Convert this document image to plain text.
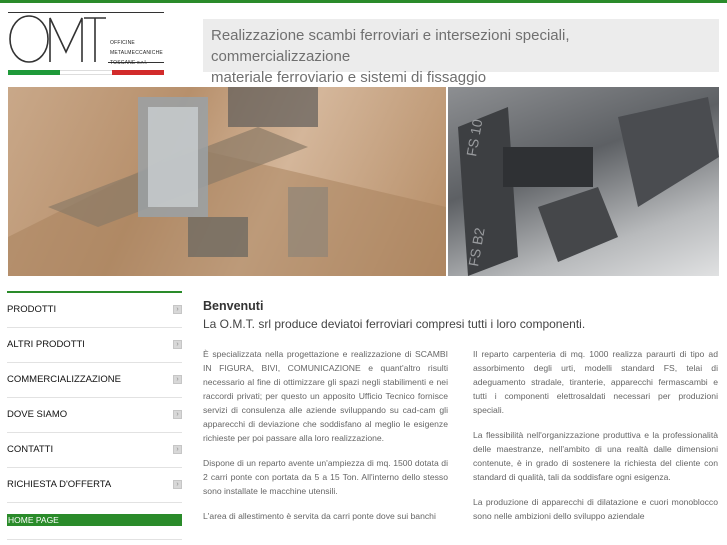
OFFICINE
METALMECCANICHE
TOSCANE s.r.l.
Realizzazione scambi ferroviari e intersezioni speciali, commercializzazione
materiale ferroviario e sistemi di fissaggio
FS 10
FS B2
PRODOTTI	›
ALTRI PRODOTTI	›
COMMERCIALIZZAZIONE	›
DOVE SIAMO	›
CONTATTI	›
RICHIESTA D'OFFERTA	›
HOME PAGE
Benvenuti
La O.M.T. srl produce deviatoi ferroviari compresi tutti i loro componenti.

È specializzata nella progettazione e realizzazione di SCAMBI IN FIGURA, BIVI, COMUNICAZIONE e quant'altro risulti necessario al fine di ottimizzare gli spazi negli stabilimenti e nei raccordi privati; per questo un apposito Ufficio Tecnico fornisce servizi di consulenza alle aziende sviluppando su cad-cam gli apparecchi di deviazione che soddisfano al meglio le esigenze richieste per poi passare alla loro realizzazione.

Dispone di un reparto avente un'ampiezza di mq. 1500 dotata di 2 carri ponte con portata da 5 a 15 Ton. All'interno dello stesso sono installate le macchine utensili.

L'area di allestimento è servita da carri ponte dove sui banchi

Il reparto carpenteria di mq. 1000 realizza paraurti di tipo ad assorbimento degli urti, modelli standard FS, telai di adeguamento stradale, tiranterie, apparecchi fermascambi e tutti i componenti elettrosaldati necessari per produzioni speciali.

La flessibilità nell'organizzazione produttiva e la professionalità delle maestranze, nell'ambito di una realtà dalle dimensioni contenute, è in grado di sostenere la richiesta del cliente con standard di qualità, tali da soddisfare ogni esigenza.

La produzione di apparecchi di dilatazione e cuori monoblocco sono nelle ambizioni dello sviluppo aziendale
